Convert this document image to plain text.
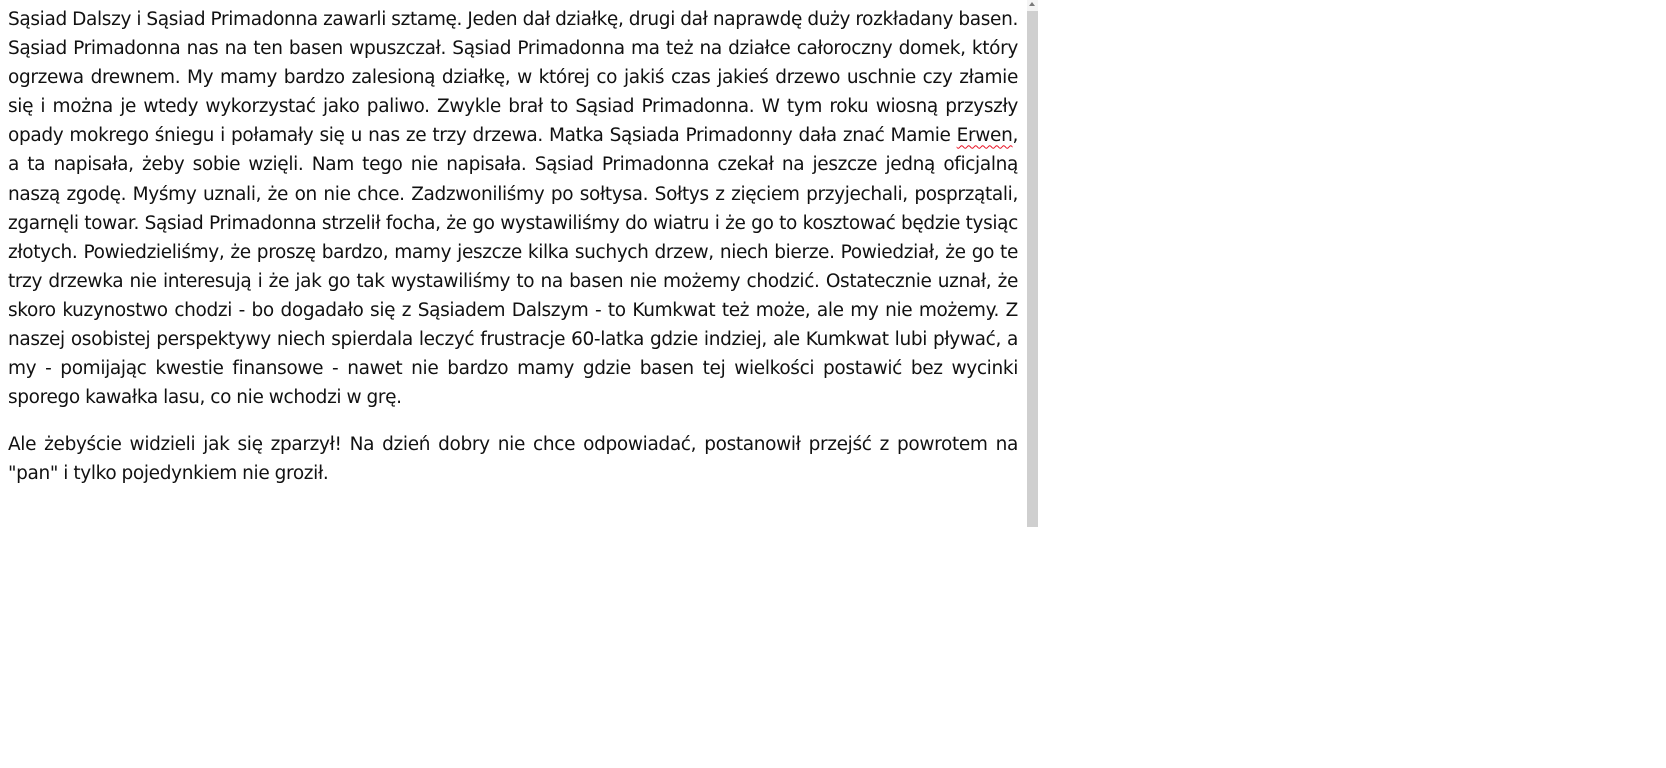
Sąsiad Dalszy i Sąsiad Primadonna zawarli sztamę. Jeden dał działkę, drugi dał naprawdę duży rozkładany basen. Sąsiad Primadonna nas na ten basen wpuszczał. Sąsiad Primadonna ma też na działce całoroczny domek, który ogrzewa drewnem. My mamy bardzo zalesioną działkę, w której co jakiś czas jakieś drzewo uschnie czy złamie się i można je wtedy wykorzystać jako paliwo. Zwykle brał to Sąsiad Primadonna. W tym roku wiosną przyszły opady mokrego śniegu i połamały się u nas ze trzy drzewa. Matka Sąsiada Primadonny dała znać Mamie Erwen, a ta napisała, żeby sobie wzięli. Nam tego nie napisała. Sąsiad Primadonna czekał na jeszcze jedną oficjalną naszą zgodę. Myśmy uznali, że on nie chce. Zadzwoniliśmy po sołtysa. Sołtys z zięciem przyjechali, posprzątali, zgarnęli towar. Sąsiad Primadonna strzelił focha, że go wystawiliśmy do wiatru i że go to kosztować będzie tysiąc złotych. Powiedzieliśmy, że proszę bardzo, mamy jeszcze kilka suchych drzew, niech bierze. Powiedział, że go te trzy drzewka nie interesują i że jak go tak wystawiliśmy to na basen nie możemy chodzić. Ostatecznie uznał, że skoro kuzynostwo chodzi - bo dogadało się z Sąsiadem Dalszym - to Kumkwat też może, ale my nie możemy. Z naszej osobistej perspektywy niech spierdala leczyć frustracje 60-latka gdzie indziej, ale Kumkwat lubi pływać, a my - pomijając kwestie finansowe - nawet nie bardzo mamy gdzie basen tej wielkości postawić bez wycinki sporego kawałka lasu, co nie wchodzi w grę.

Ale żebyście widzieli jak się zparzył! Na dzień dobry nie chce odpowiadać, postanowił przejść z powrotem na "pan" i tylko pojedynkiem nie groził.
